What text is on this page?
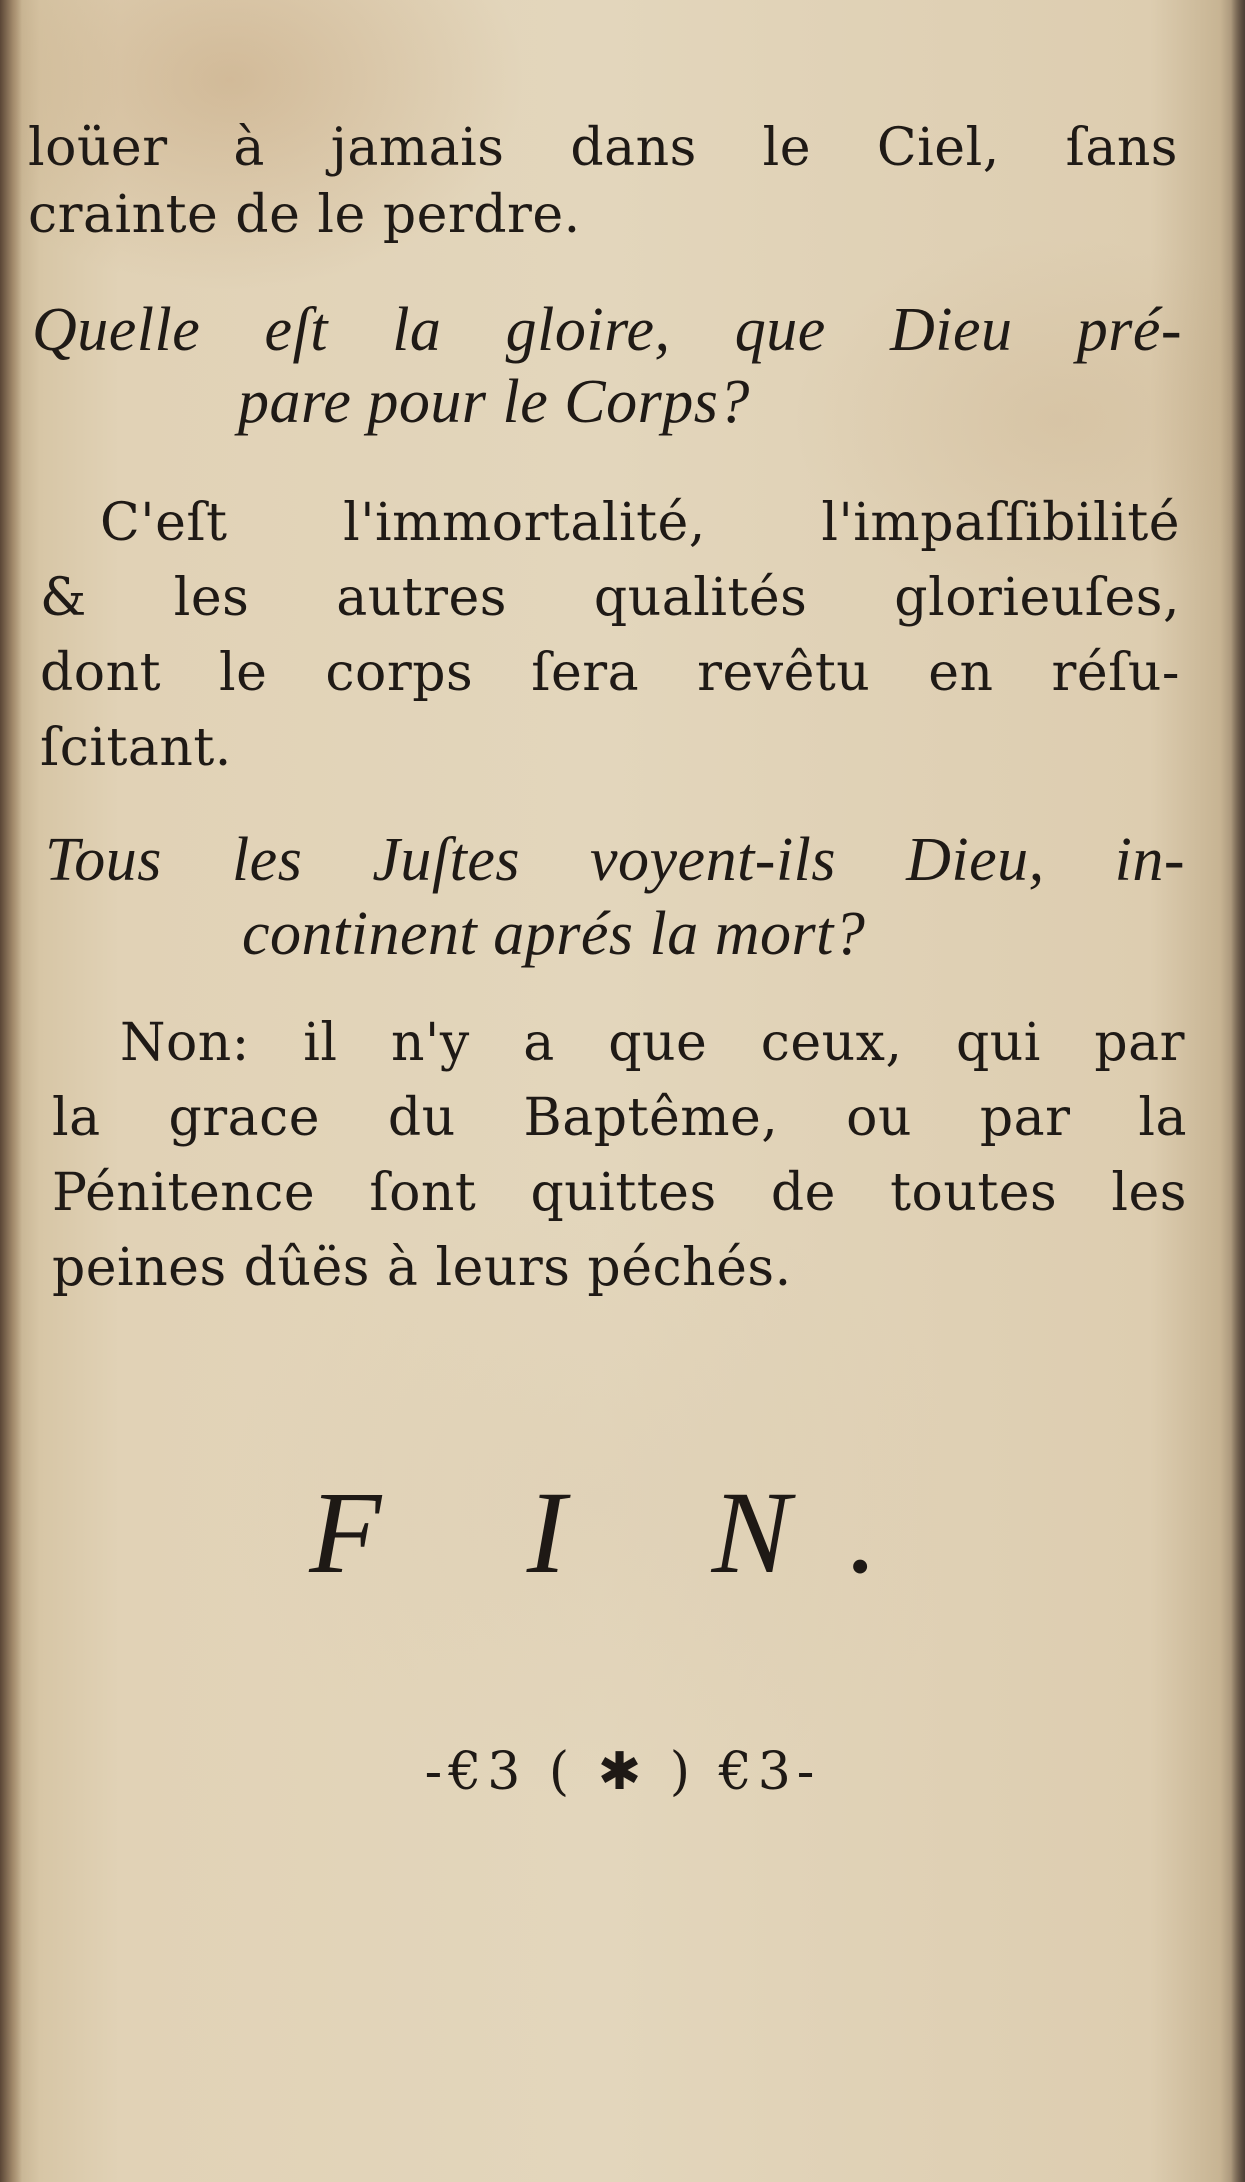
loüer à jamais dans le Ciel, ſans
crainte de le perdre.
Quelle eſt la gloire, que Dieu pré-
pare pour le Corps?
C'eſt l'immortalité, l'impaſſibilité
& les autres qualités glorieuſes,
dont le corps ſera revêtu en réſu-
ſcitant.
Tous les Juſtes voyent-ils Dieu, in-
continent aprés la mort?
Non: il n'y a que ceux, qui par
la grace du Baptême, ou par la
Pénitence ſont quittes de toutes les
peines dûës à leurs péchés.
F I N.
-€3 ( ✱ ) €3-
